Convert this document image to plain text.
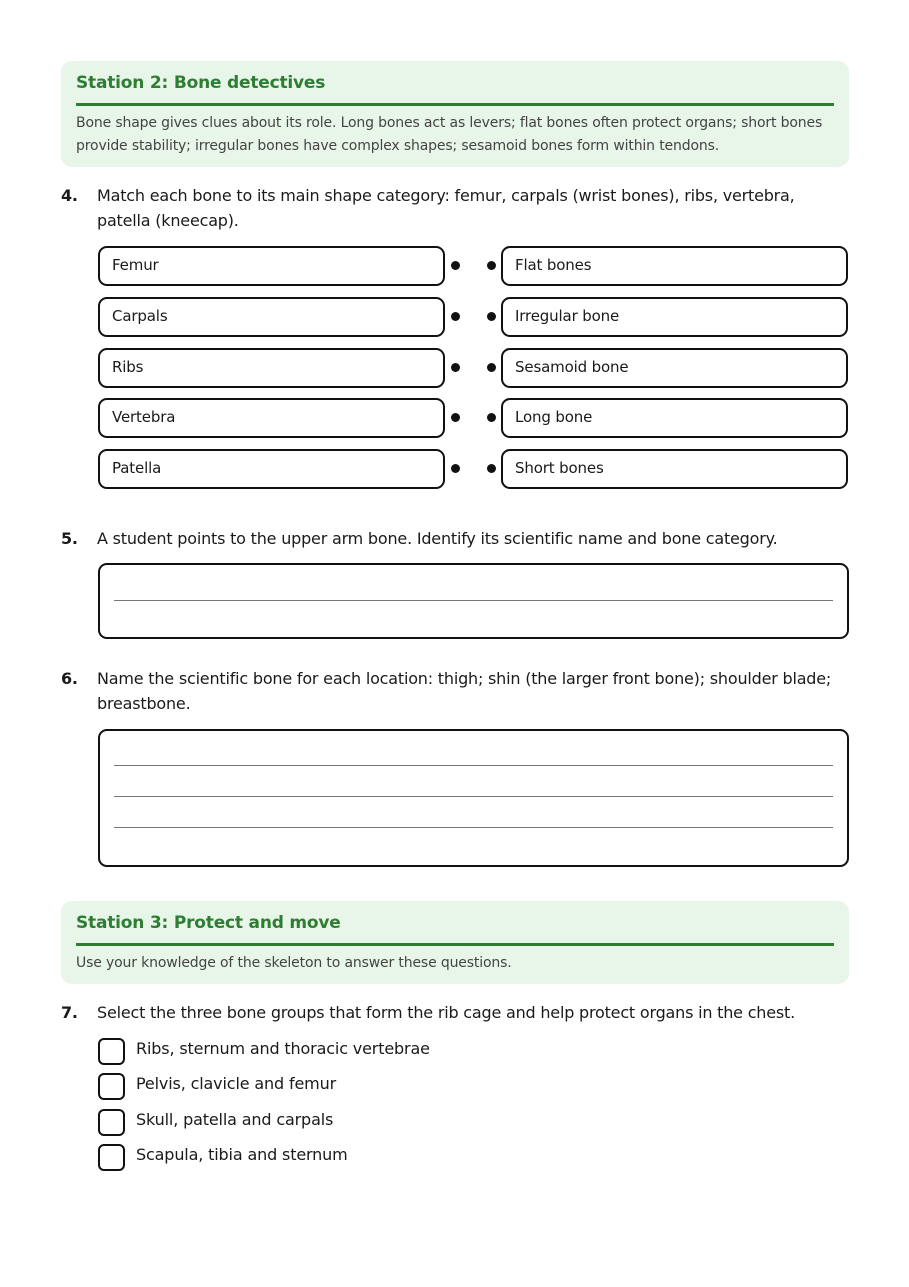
Station 2: Bone detectives
Bone shape gives clues about its role. Long bones act as levers; flat bones often protect organs; short bones provide stability; irregular bones have complex shapes; sesamoid bones form within tendons.
4. Match each bone to its main shape category: femur, carpals (wrist bones), ribs, vertebra, patella (kneecap).
Femur
Carpals
Ribs
Vertebra
Patella
Flat bones
Irregular bone
Sesamoid bone
Long bone
Short bones
5. A student points to the upper arm bone. Identify its scientific name and bone category.
6. Name the scientific bone for each location: thigh; shin (the larger front bone); shoulder blade; breastbone.
Station 3: Protect and move
Use your knowledge of the skeleton to answer these questions.
7. Select the three bone groups that form the rib cage and help protect organs in the chest.
Ribs, sternum and thoracic vertebrae
Pelvis, clavicle and femur
Skull, patella and carpals
Scapula, tibia and sternum
